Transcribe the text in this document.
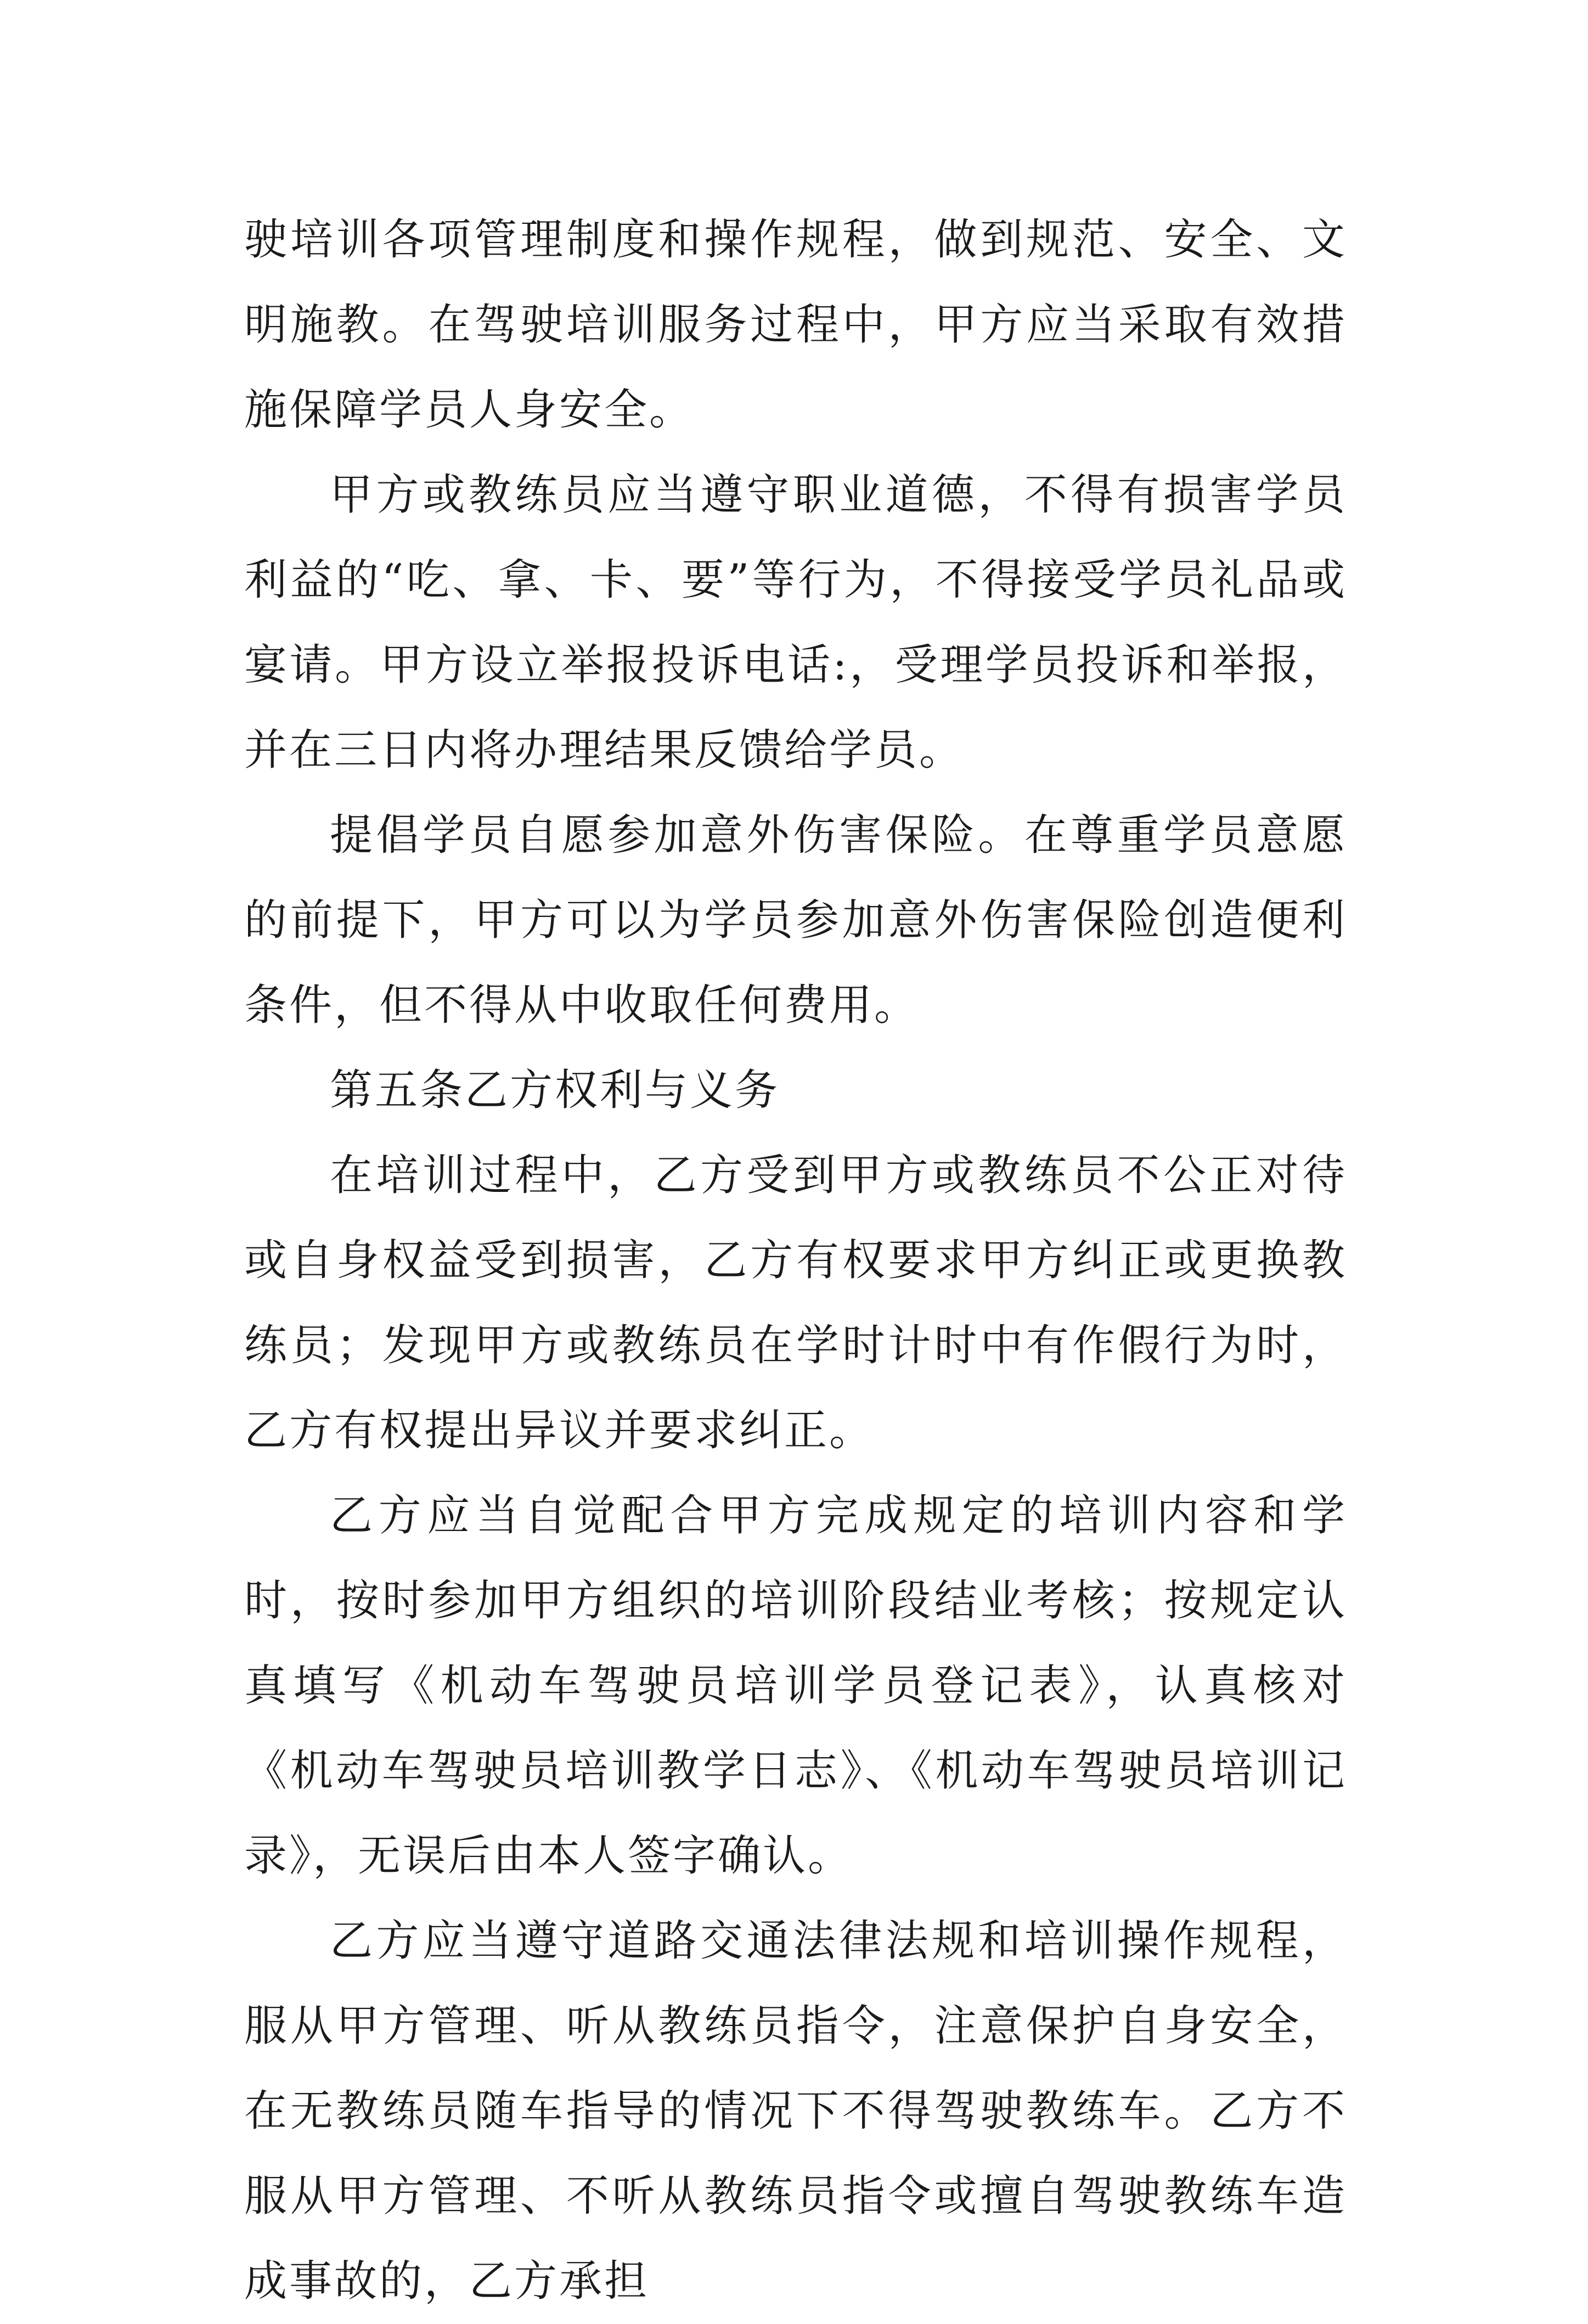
驶培训各项管理制度和操作规程，做到规范、安全、文明施教。在驾驶培训服务过程中，甲方应当采取有效措施保障学员人身安全。

甲方或教练员应当遵守职业道德，不得有损害学员利益的“吃、拿、卡、要”等行为，不得接受学员礼品或宴请。甲方设立举报投诉电话:，受理学员投诉和举报，并在三日内将办理结果反馈给学员。

提倡学员自愿参加意外伤害保险。在尊重学员意愿的前提下，甲方可以为学员参加意外伤害保险创造便利条件，但不得从中收取任何费用。

第五条乙方权利与义务

在培训过程中，乙方受到甲方或教练员不公正对待或自身权益受到损害，乙方有权要求甲方纠正或更换教练员；发现甲方或教练员在学时计时中有作假行为时，乙方有权提出异议并要求纠正。

乙方应当自觉配合甲方完成规定的培训内容和学时，按时参加甲方组织的培训阶段结业考核；按规定认真填写《机动车驾驶员培训学员登记表》，认真核对《机动车驾驶员培训教学日志》、《机动车驾驶员培训记录》，无误后由本人签字确认。

乙方应当遵守道路交通法律法规和培训操作规程，服从甲方管理、听从教练员指令，注意保护自身安全，在无教练员随车指导的情况下不得驾驶教练车。乙方不服从甲方管理、不听从教练员指令或擅自驾驶教练车造成事故的，乙方承担
